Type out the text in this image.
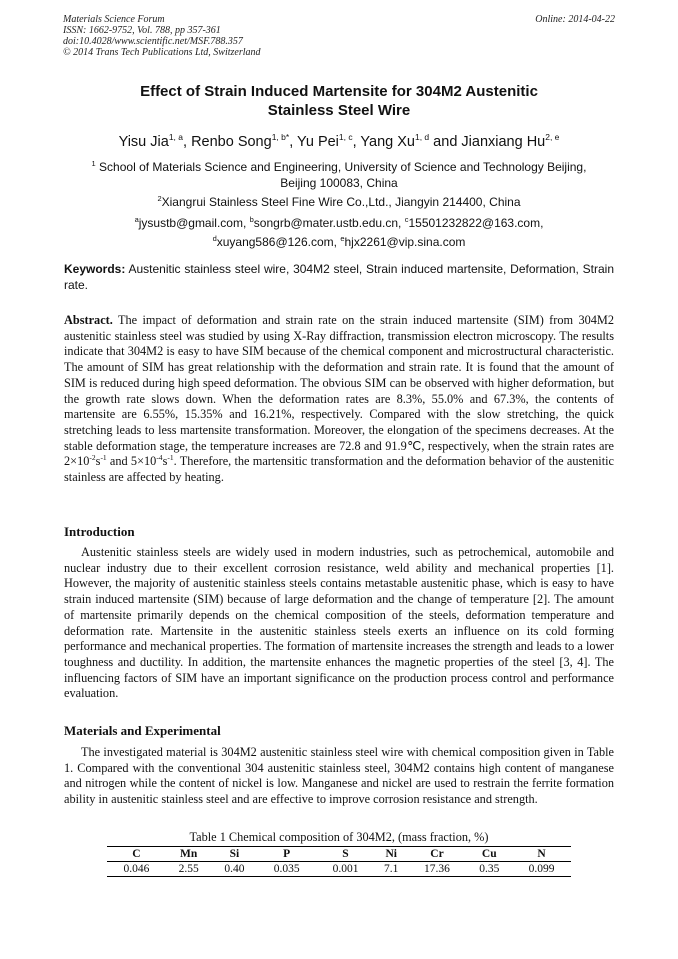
Materials Science Forum
ISSN: 1662-9752, Vol. 788, pp 357-361
doi:10.4028/www.scientific.net/MSF.788.357
© 2014 Trans Tech Publications Ltd, Switzerland
Online: 2014-04-22
Effect of Strain Induced Martensite for 304M2 Austenitic
Stainless Steel Wire
Yisu Jia$^{1, a}$, Renbo Song$^{1, b*}$, Yu Pei$^{1, c}$, Yang Xu$^{1, d}$ and Jianxiang Hu$^{2, e}$
$^1$ School of Materials Science and Engineering, University of Science and Technology Beijing,
Beijing 100083, China
$^2$Xiangrui Stainless Steel Fine Wire Co.,Ltd., Jiangyin 214400, China
$^a$jysustb@gmail.com, $^b$songrb@mater.ustb.edu.cn, $^c$15501232822@163.com,
$^d$xuyang586@126.com, $^e$hjx2261@vip.sina.com
Keywords: Austenitic stainless steel wire, 304M2 steel, Strain induced martensite, Deformation, Strain rate.
Abstract. The impact of deformation and strain rate on the strain induced martensite (SIM) from 304M2 austenitic stainless steel was studied by using X-Ray diffraction, transmission electron microscopy. The results indicate that 304M2 is easy to have SIM because of the chemical component and microstructural characteristic. The amount of SIM has great relationship with the deformation and strain rate. It is found that the amount of SIM is reduced during high speed deformation. The obvious SIM can be observed with higher deformation, but the growth rate slows down. When the deformation rates are 8.3%, 55.0% and 67.3%, the contents of martensite are 6.55%, 15.35% and 16.21%, respectively. Compared with the slow stretching, the quick stretching leads to less martensite transformation. Moreover, the elongation of the specimens decreases. At the stable deformation stage, the temperature increases are 72.8 and 91.9℃, respectively, when the strain rates are $2\times 10^{-2}s^{-1}$ and $5\times 10^{-4}s^{-1}$. Therefore, the martensitic transformation and the deformation behavior of the austenitic stainless are affected by heating.
Introduction
Austenitic stainless steels are widely used in modern industries, such as petrochemical, automobile and nuclear industry due to their excellent corrosion resistance, weld ability and mechanical properties [1]. However, the majority of austenitic stainless steels contains metastable austenitic phase, which is easy to have strain induced martensite (SIM) because of large deformation and the change of temperature [2]. The amount of martensite primarily depends on the chemical composition of the steels, deformation temperature and deformation rate. Martensite in the austenitic stainless steels exerts an influence on its cold forming performance and mechanical properties. The formation of martensite increases the strength and leads to a lower toughness and ductility. In addition, the martensite enhances the magnetic properties of the steel [3, 4]. The influencing factors of SIM have an important significance on the production process control and performance evaluation.
Materials and Experimental
The investigated material is 304M2 austenitic stainless steel wire with chemical composition given in Table 1. Compared with the conventional 304 austenitic stainless steel, 304M2 contains high content of manganese and nitrogen while the content of nickel is low. Manganese and nickel are used to restrain the ferrite formation ability in austenitic stainless steel and are effective to improve corrosion resistance and strength.
Table 1 Chemical composition of 304M2, (mass fraction, %)
C	Mn	Si	P	S	Ni	Cr	Cu	N
0.046	2.55	0.40	0.035	0.001	7.1	17.36	0.35	0.099
